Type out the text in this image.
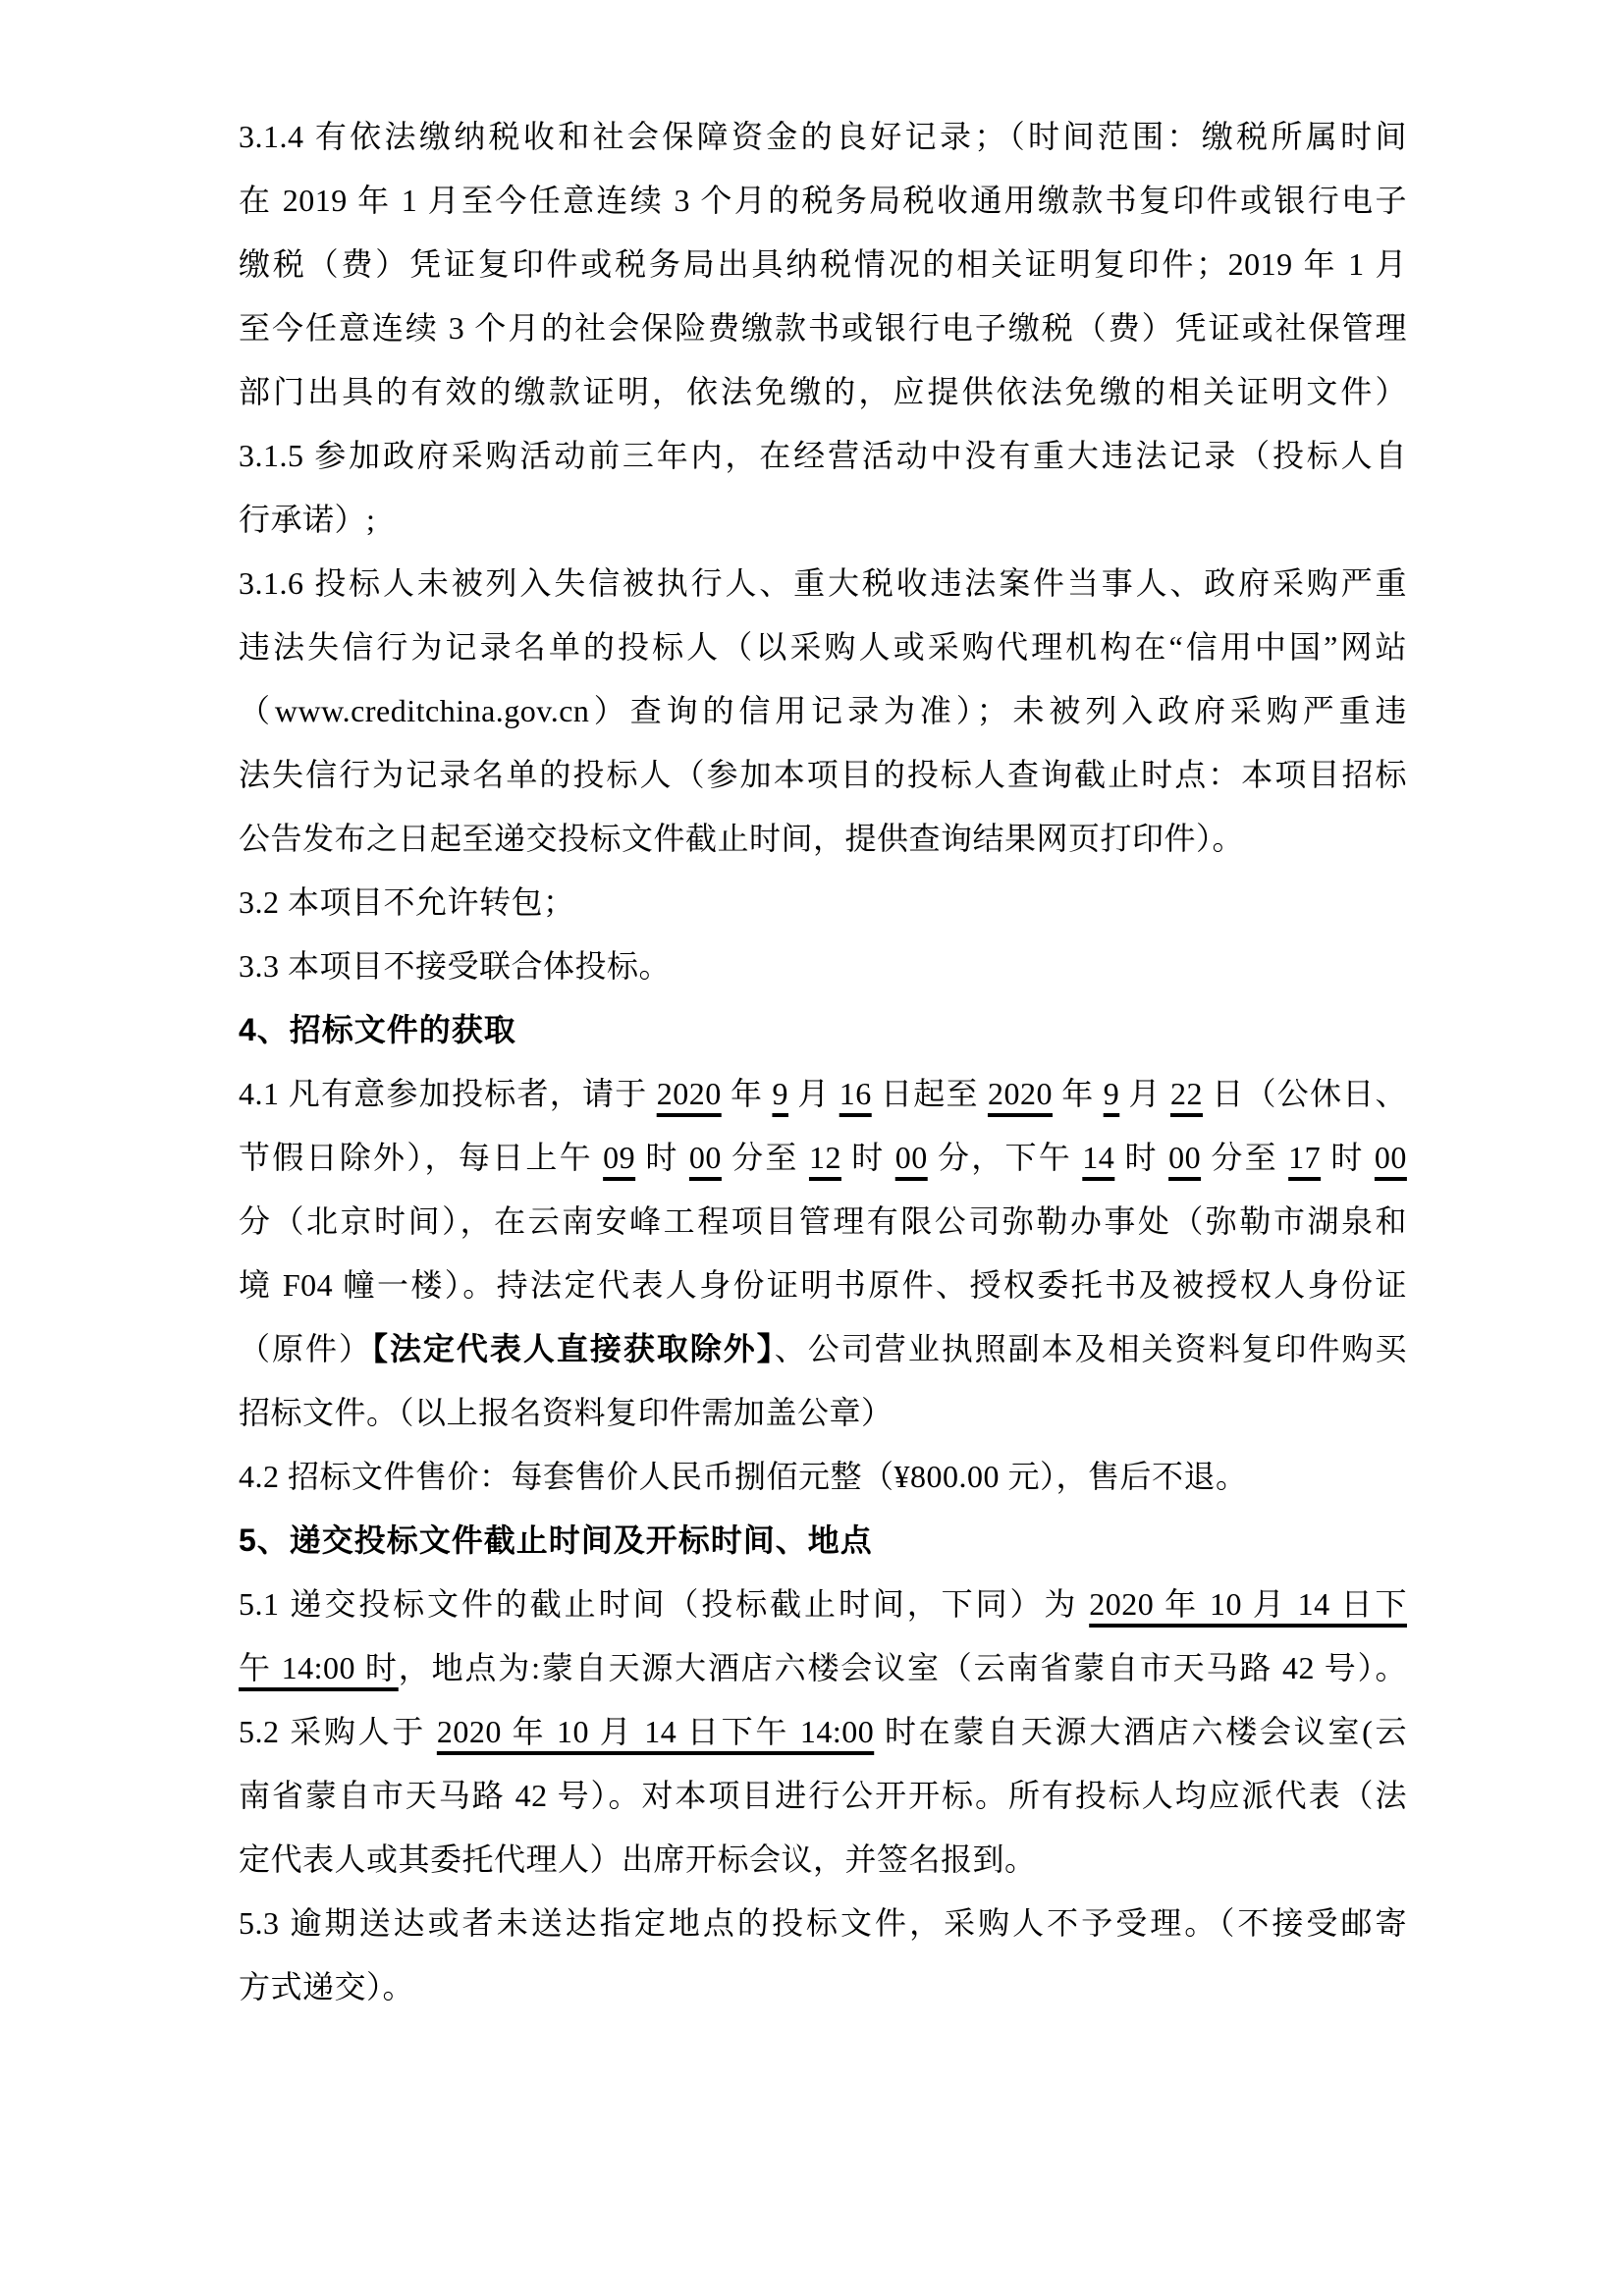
3.1.4 有依法缴纳税收和社会保障资金的良好记录；（时间范围：缴税所属时间
在 2019 年 1 月至今任意连续 3 个月的税务局税收通用缴款书复印件或银行电子
缴税（费）凭证复印件或税务局出具纳税情况的相关证明复印件；2019 年 1 月
至今任意连续 3 个月的社会保险费缴款书或银行电子缴税（费）凭证或社保管理
部门出具的有效的缴款证明，依法免缴的，应提供依法免缴的相关证明文件）
3.1.5 参加政府采购活动前三年内，在经营活动中没有重大违法记录（投标人自
行承诺）;
3.1.6 投标人未被列入失信被执行人、重大税收违法案件当事人、政府采购严重
违法失信行为记录名单的投标人（以采购人或采购代理机构在“信用中国”网站
（www.creditchina.gov.cn）查询的信用记录为准）；未被列入政府采购严重违
法失信行为记录名单的投标人（参加本项目的投标人查询截止时点：本项目招标
公告发布之日起至递交投标文件截止时间，提供查询结果网页打印件）。
3.2 本项目不允许转包；
3.3 本项目不接受联合体投标。
4、招标文件的获取
4.1 凡有意参加投标者，请于 2020 年 9 月 16 日起至 2020 年 9 月 22 日（公休日、
节假日除外），每日上午 09 时 00 分至 12 时 00 分，下午 14 时 00 分至 17 时 00
分（北京时间），在云南安峰工程项目管理有限公司弥勒办事处（弥勒市湖泉和
境 F04 幢一楼）。持法定代表人身份证明书原件、授权委托书及被授权人身份证
（原件）【法定代表人直接获取除外】、公司营业执照副本及相关资料复印件购买
招标文件。（以上报名资料复印件需加盖公章）
4.2 招标文件售价：每套售价人民币捌佰元整（¥800.00 元），售后不退。
5、递交投标文件截止时间及开标时间、地点
5.1 递交投标文件的截止时间（投标截止时间，下同）为 2020 年 10 月 14 日下
午 14:00 时，地点为:蒙自天源大酒店六楼会议室（云南省蒙自市天马路 42 号）。
5.2 采购人于 2020 年 10 月 14 日下午 14:00 时在蒙自天源大酒店六楼会议室(云
南省蒙自市天马路 42 号）。对本项目进行公开开标。所有投标人均应派代表（法
定代表人或其委托代理人）出席开标会议，并签名报到。
5.3 逾期送达或者未送达指定地点的投标文件，采购人不予受理。（不接受邮寄
方式递交）。
